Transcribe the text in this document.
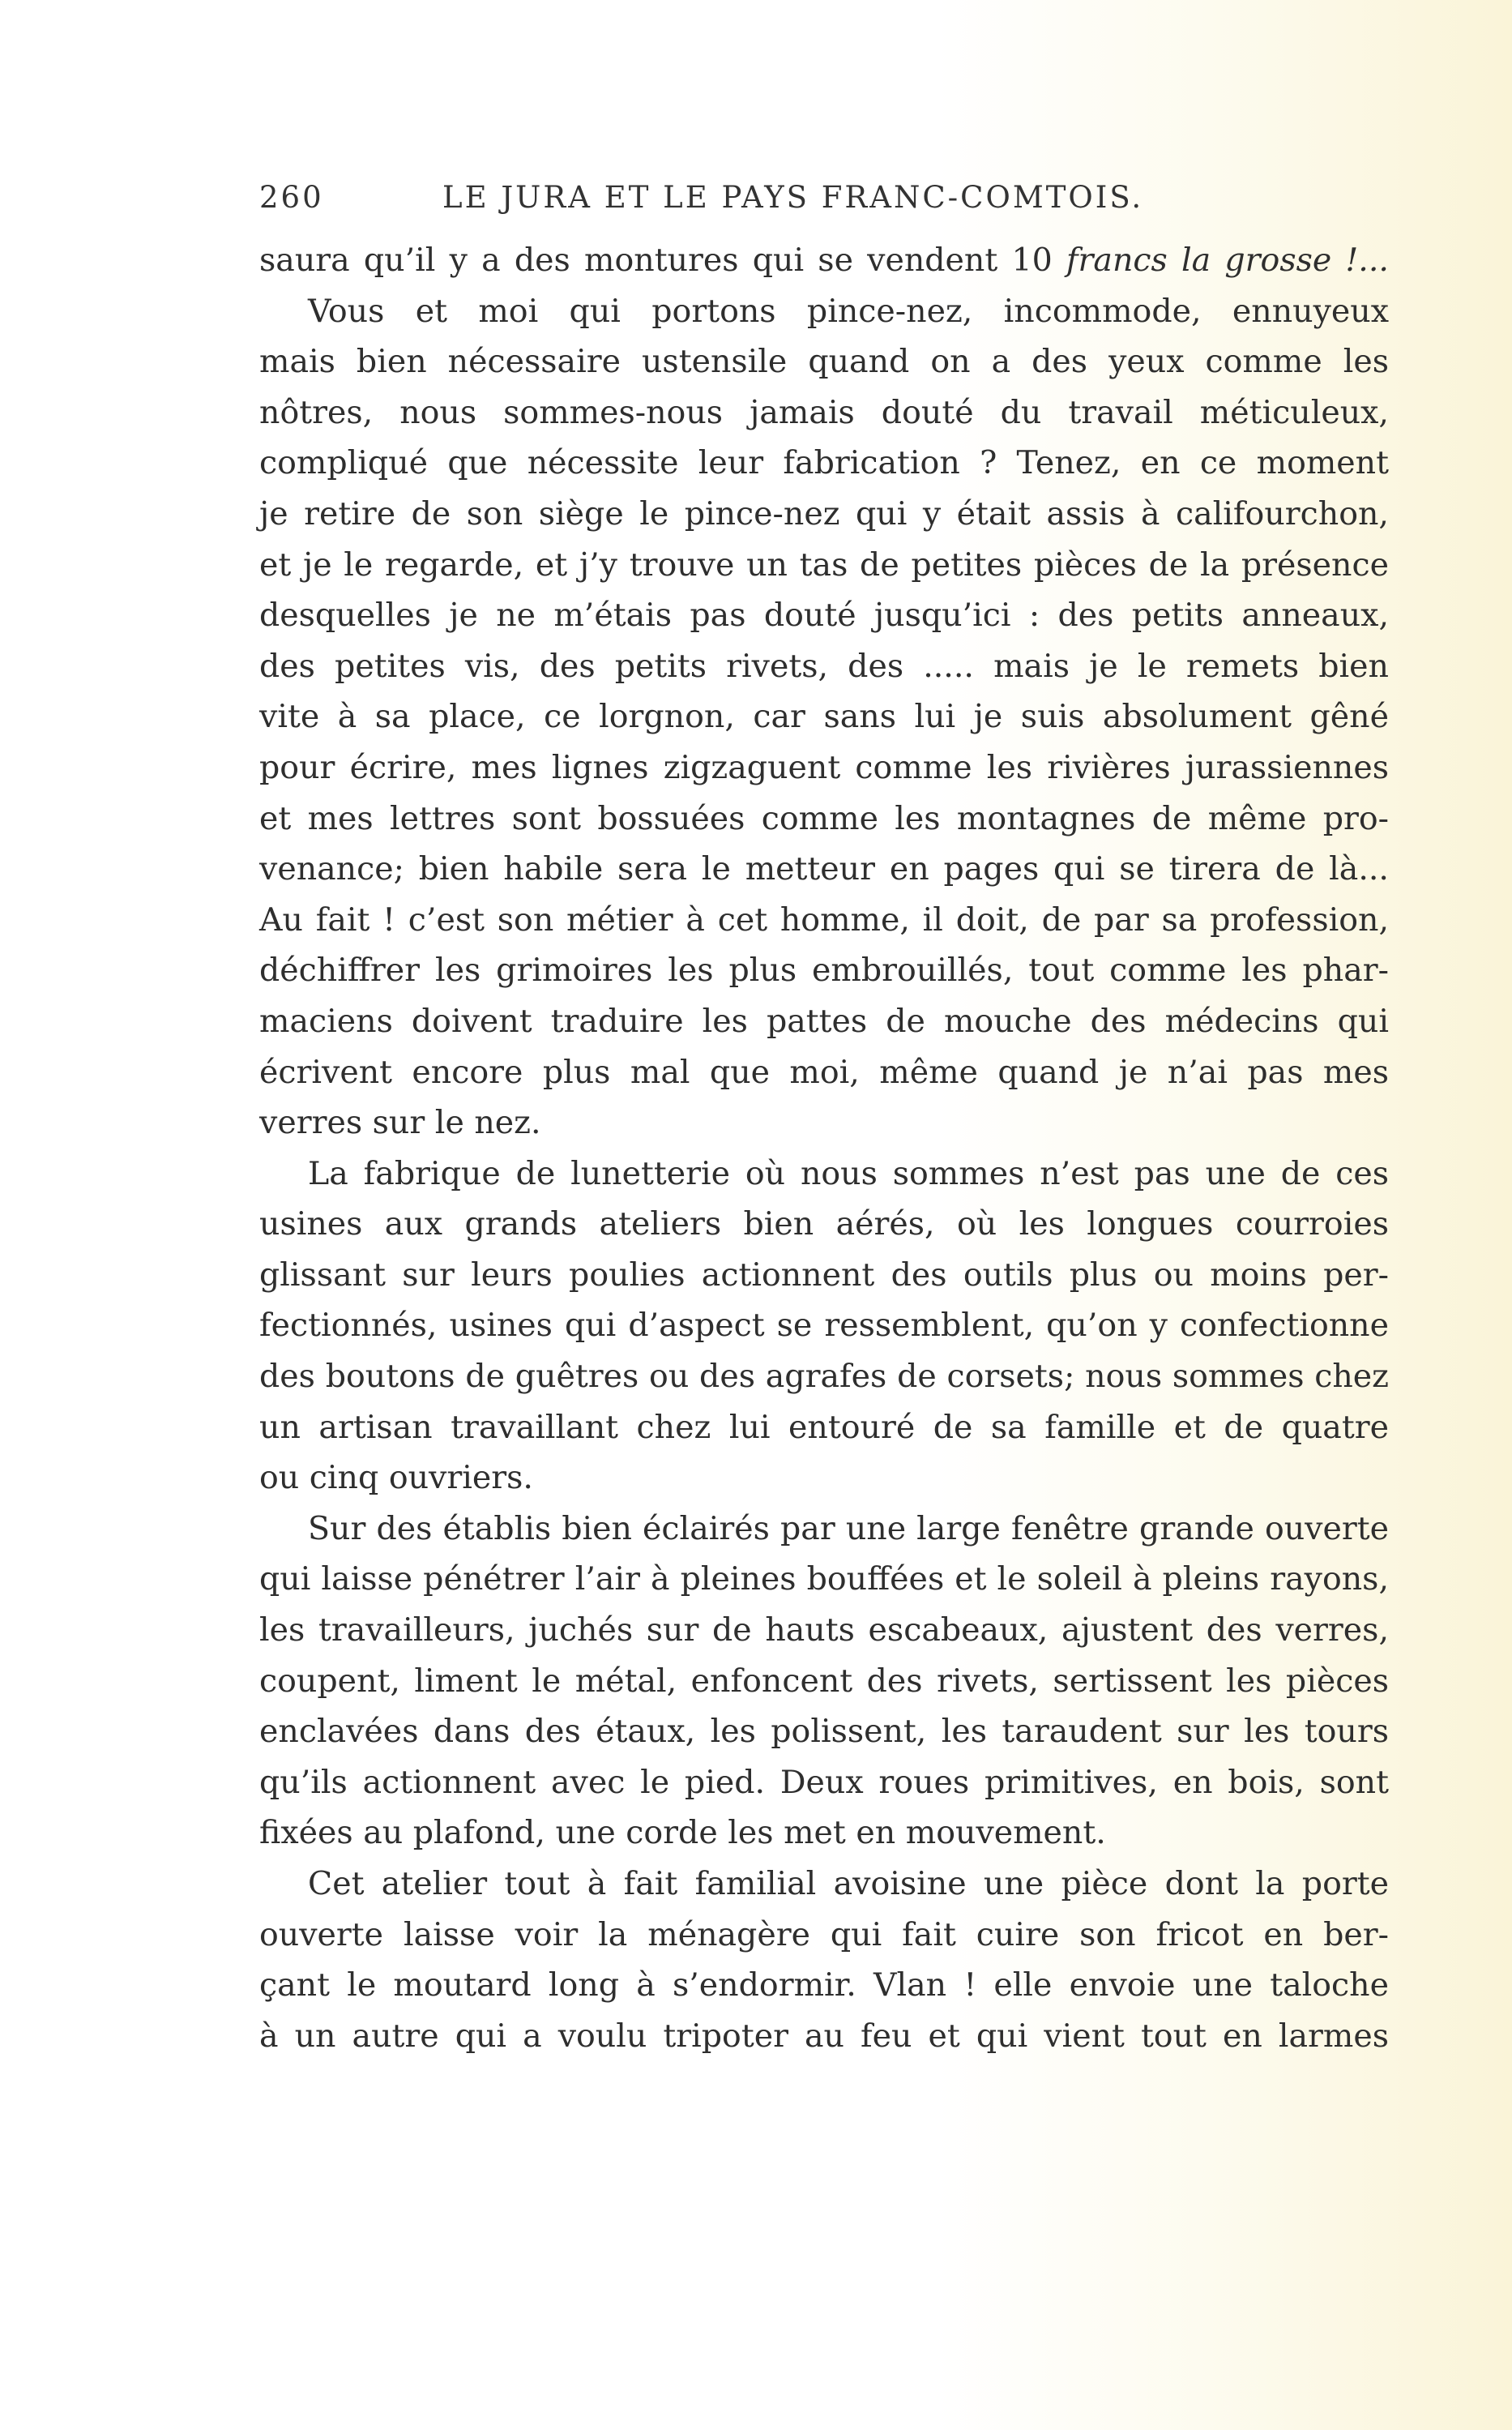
260	LE JURA ET LE PAYS FRANC-COMTOIS.
saura qu’il y a des montures qui se vendent 10 francs la grosse !...
Vous et moi qui portons pince-nez, incommode, ennuyeux
mais bien nécessaire ustensile quand on a des yeux comme les
nôtres, nous sommes-nous jamais douté du travail méticuleux,
compliqué que nécessite leur fabrication ? Tenez, en ce moment
je retire de son siège le pince-nez qui y était assis à califourchon,
et je le regarde, et j’y trouve un tas de petites pièces de la présence
desquelles je ne m’étais pas douté jusqu’ici : des petits anneaux,
des petites vis, des petits rivets, des ..... mais je le remets bien
vite à sa place, ce lorgnon, car sans lui je suis absolument gêné
pour écrire, mes lignes zigzaguent comme les rivières jurassiennes
et mes lettres sont bossuées comme les montagnes de même pro-
venance; bien habile sera le metteur en pages qui se tirera de là...
Au fait ! c’est son métier à cet homme, il doit, de par sa profession,
déchiffrer les grimoires les plus embrouillés, tout comme les phar-
maciens doivent traduire les pattes de mouche des médecins qui
écrivent encore plus mal que moi, même quand je n’ai pas mes
verres sur le nez.
La fabrique de lunetterie où nous sommes n’est pas une de ces
usines aux grands ateliers bien aérés, où les longues courroies
glissant sur leurs poulies actionnent des outils plus ou moins per-
fectionnés, usines qui d’aspect se ressemblent, qu’on y confectionne
des boutons de guêtres ou des agrafes de corsets; nous sommes chez
un artisan travaillant chez lui entouré de sa famille et de quatre
ou cinq ouvriers.
Sur des établis bien éclairés par une large fenêtre grande ouverte
qui laisse pénétrer l’air à pleines bouffées et le soleil à pleins rayons,
les travailleurs, juchés sur de hauts escabeaux, ajustent des verres,
coupent, liment le métal, enfoncent des rivets, sertissent les pièces
enclavées dans des étaux, les polissent, les taraudent sur les tours
qu’ils actionnent avec le pied. Deux roues primitives, en bois, sont
fixées au plafond, une corde les met en mouvement.
Cet atelier tout à fait familial avoisine une pièce dont la porte
ouverte laisse voir la ménagère qui fait cuire son fricot en ber-
çant le moutard long à s’endormir. Vlan ! elle envoie une taloche
à un autre qui a voulu tripoter au feu et qui vient tout en larmes
